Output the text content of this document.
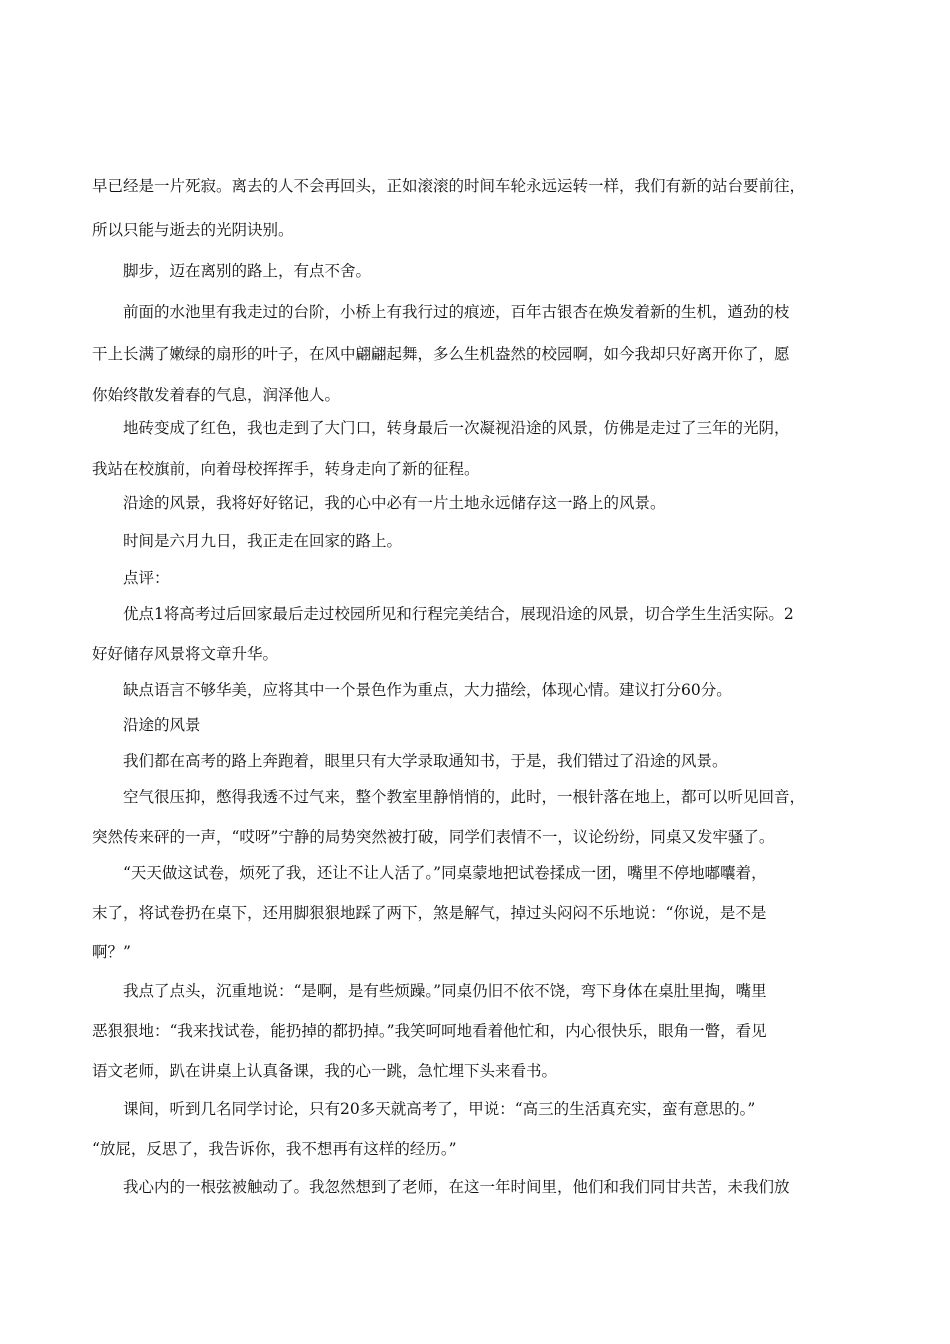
早已经是一片死寂。离去的人不会再回头，正如滚滚的时间车轮永远运转一样，我们有新的站台要前往，
所以只能与逝去的光阴诀别。
脚步，迈在离别的路上，有点不舍。
前面的水池里有我走过的台阶，小桥上有我行过的痕迹，百年古银杏在焕发着新的生机，遒劲的枝
干上长满了嫩绿的扇形的叶子，在风中翩翩起舞，多么生机盎然的校园啊，如今我却只好离开你了，愿
你始终散发着春的气息，润泽他人。
地砖变成了红色，我也走到了大门口，转身最后一次凝视沿途的风景，仿佛是走过了三年的光阴，
我站在校旗前，向着母校挥挥手，转身走向了新的征程。
沿途的风景，我将好好铭记，我的心中必有一片土地永远储存这一路上的风景。
时间是六月九日，我正走在回家的路上。
点评：
优点1将高考过后回家最后走过校园所见和行程完美结合，展现沿途的风景，切合学生生活实际。2
好好储存风景将文章升华。
缺点语言不够华美，应将其中一个景色作为重点，大力描绘，体现心情。建议打分60分。
沿途的风景
我们都在高考的路上奔跑着，眼里只有大学录取通知书，于是，我们错过了沿途的风景。
空气很压抑，憋得我透不过气来，整个教室里静悄悄的，此时，一根针落在地上，都可以听见回音，
突然传来砰的一声，“哎呀”宁静的局势突然被打破，同学们表情不一，议论纷纷，同桌又发牢骚了。
“天天做这试卷，烦死了我，还让不让人活了。”同桌蒙地把试卷揉成一团，嘴里不停地嘟囔着，
末了，将试卷扔在桌下，还用脚狠狠地踩了两下，煞是解气，掉过头闷闷不乐地说：“你说，是不是
啊？”
我点了点头，沉重地说：“是啊，是有些烦躁。”同桌仍旧不依不饶，弯下身体在桌肚里掏，嘴里
恶狠狠地：“我来找试卷，能扔掉的都扔掉。”我笑呵呵地看着他忙和，内心很快乐，眼角一瞥，看见
语文老师，趴在讲桌上认真备课，我的心一跳，急忙埋下头来看书。
课间，听到几名同学讨论，只有20多天就高考了，甲说：“高三的生活真充实，蛮有意思的。”
“放屁，反思了，我告诉你，我不想再有这样的经历。”
我心内的一根弦被触动了。我忽然想到了老师，在这一年时间里，他们和我们同甘共苦，未我们放
